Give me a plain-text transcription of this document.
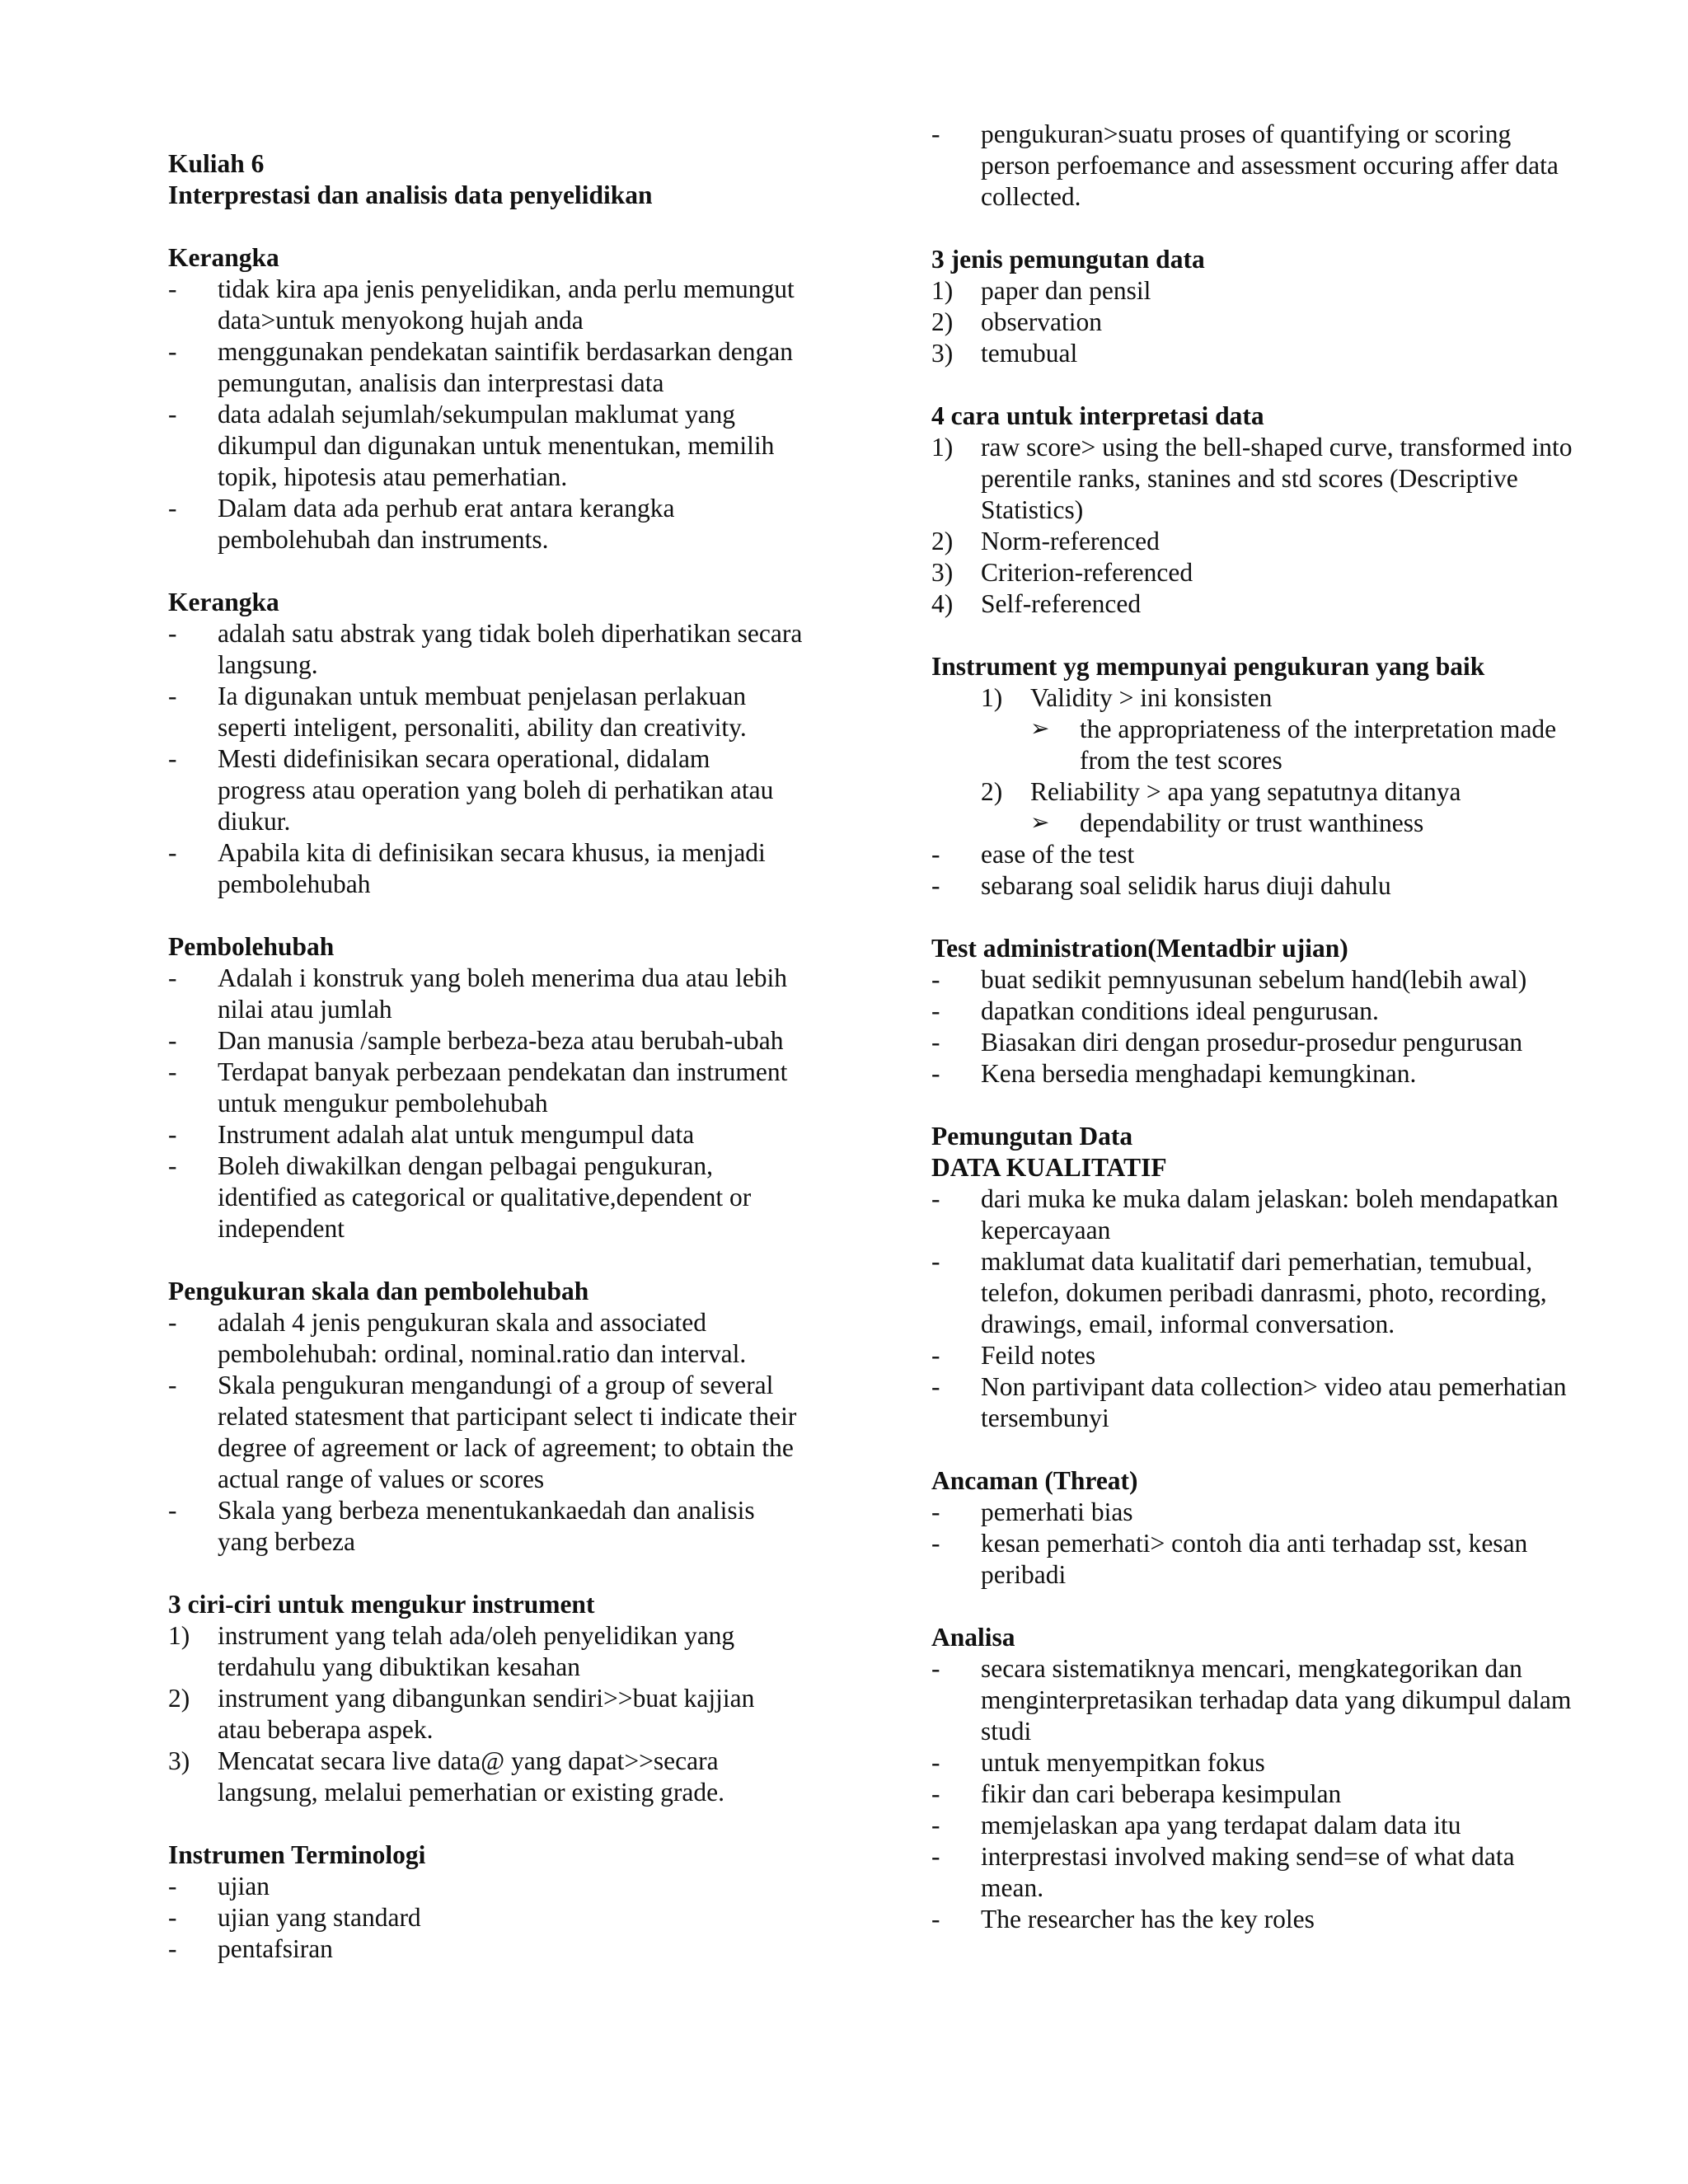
Kuliah 6

Interprestasi dan analisis data penyelidikan

Kerangka

- tidak kira apa jenis penyelidikan, anda perlu memungut data>untuk menyokong hujah anda
- menggunakan pendekatan saintifik berdasarkan dengan pemungutan, analisis dan interprestasi data
- data adalah sejumlah/sekumpulan maklumat yang dikumpul dan digunakan untuk menentukan, memilih topik, hipotesis atau pemerhatian.
- Dalam data ada perhub erat antara kerangka pembolehubah dan instruments.

Kerangka

- adalah satu abstrak yang tidak boleh diperhatikan secara langsung.
- Ia digunakan untuk membuat penjelasan perlakuan seperti inteligent, personaliti, ability dan creativity.
- Mesti didefinisikan secara operational, didalam progress atau operation yang boleh di perhatikan atau diukur.
- Apabila kita di definisikan secara khusus, ia menjadi pembolehubah

Pembolehubah

- Adalah i konstruk yang boleh menerima dua atau lebih nilai atau jumlah
- Dan manusia /sample berbeza-beza atau berubah-ubah
- Terdapat banyak perbezaan pendekatan dan instrument untuk mengukur pembolehubah
- Instrument adalah alat untuk mengumpul data
- Boleh diwakilkan dengan pelbagai pengukuran, identified as categorical or qualitative,dependent or independent

Pengukuran skala dan pembolehubah

- adalah 4 jenis pengukuran skala and associated pembolehubah: ordinal, nominal.ratio dan interval.
- Skala pengukuran mengandungi of a group of several related statesment that participant select ti indicate their degree of agreement or lack of agreement; to obtain the actual range of values or scores
- Skala yang berbeza menentukankaedah dan analisis yang berbeza

3 ciri-ciri untuk mengukur instrument

1) instrument yang telah ada/oleh penyelidikan yang terdahulu yang dibuktikan kesahan
2) instrument yang dibangunkan sendiri>>buat kajjian atau beberapa aspek.
3) Mencatat secara live data@ yang dapat>>secara langsung, melalui pemerhatian or existing grade.

Instrumen Terminologi

- ujian
- ujian yang standard
- pentafsiran
- pengukuran>suatu proses of quantifying or scoring person perfoemance and assessment occuring affer data collected.

3 jenis pemungutan data

1) paper dan pensil
2) observation
3) temubual

4 cara untuk interpretasi data

1) raw score> using the bell-shaped curve, transformed into perentile ranks, stanines and std scores (Descriptive Statistics)
2) Norm-referenced
3) Criterion-referenced
4) Self-referenced

Instrument yg mempunyai pengukuran yang baik

1) Validity > ini konsisten
➢ the appropriateness of the interpretation made from the test scores
2) Reliability > apa yang sepatutnya ditanya
➢ dependability or trust wanthiness
- ease of the test
- sebarang soal selidik harus diuji dahulu

Test administration(Mentadbir ujian)

- buat sedikit pemnyusunan sebelum hand(lebih awal)
- dapatkan conditions ideal pengurusan.
- Biasakan diri dengan prosedur-prosedur pengurusan
- Kena bersedia menghadapi kemungkinan.

Pemungutan Data

DATA KUALITATIF

- dari muka ke muka dalam jelaskan: boleh mendapatkan kepercayaan
- maklumat data kualitatif dari pemerhatian, temubual, telefon, dokumen peribadi danrasmi, photo, recording, drawings, email, informal conversation.
- Feild notes
- Non partivipant data collection> video atau pemerhatian tersembunyi

Ancaman (Threat)

- pemerhati bias
- kesan pemerhati> contoh dia anti terhadap sst, kesan peribadi

Analisa

- secara sistematiknya mencari, mengkategorikan dan menginterpretasikan terhadap data yang dikumpul dalam studi
- untuk menyempitkan fokus
- fikir dan cari beberapa kesimpulan
- memjelaskan apa yang terdapat dalam data itu
- interprestasi involved making send=se of what data mean.
- The researcher has the key roles
